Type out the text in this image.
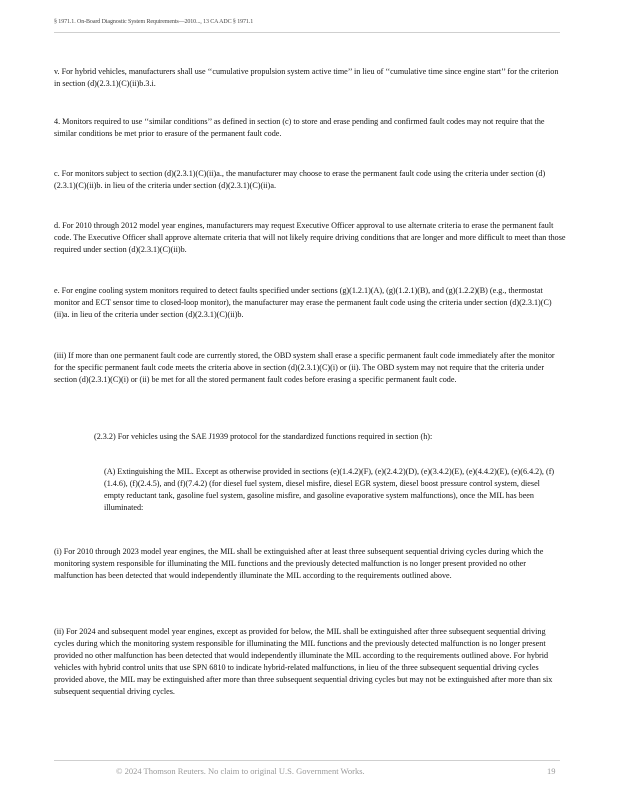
§ 1971.1. On-Board Diagnostic System Requirements—2010..., 13 CA ADC § 1971.1

v. For hybrid vehicles, manufacturers shall use ‘‘cumulative propulsion system active time’’ in lieu of ‘‘cumulative time since engine start’’ for the criterion in section (d)(2.3.1)(C)(ii)b.3.i.

4. Monitors required to use ‘‘similar conditions’’ as defined in section (c) to store and erase pending and confirmed fault codes may not require that the similar conditions be met prior to erasure of the permanent fault code.

c. For monitors subject to section (d)(2.3.1)(C)(ii)a., the manufacturer may choose to erase the permanent fault code using the criteria under section (d)(2.3.1)(C)(ii)b. in lieu of the criteria under section (d)(2.3.1)(C)(ii)a.

d. For 2010 through 2012 model year engines, manufacturers may request Executive Officer approval to use alternate criteria to erase the permanent fault code. The Executive Officer shall approve alternate criteria that will not likely require driving conditions that are longer and more difficult to meet than those required under section (d)(2.3.1)(C)(ii)b.

e. For engine cooling system monitors required to detect faults specified under sections (g)(1.2.1)(A), (g)(1.2.1)(B), and (g)(1.2.2)(B) (e.g., thermostat monitor and ECT sensor time to closed-loop monitor), the manufacturer may erase the permanent fault code using the criteria under section (d)(2.3.1)(C)(ii)a. in lieu of the criteria under section (d)(2.3.1)(C)(ii)b.

(iii) If more than one permanent fault code are currently stored, the OBD system shall erase a specific permanent fault code immediately after the monitor for the specific permanent fault code meets the criteria above in section (d)(2.3.1)(C)(i) or (ii). The OBD system may not require that the criteria under section (d)(2.3.1)(C)(i) or (ii) be met for all the stored permanent fault codes before erasing a specific permanent fault code.

(2.3.2) For vehicles using the SAE J1939 protocol for the standardized functions required in section (h):

(A) Extinguishing the MIL. Except as otherwise provided in sections (e)(1.4.2)(F), (e)(2.4.2)(D), (e)(3.4.2)(E), (e)(4.4.2)(E), (e)(6.4.2), (f)(1.4.6), (f)(2.4.5), and (f)(7.4.2) (for diesel fuel system, diesel misfire, diesel EGR system, diesel boost pressure control system, diesel empty reductant tank, gasoline fuel system, gasoline misfire, and gasoline evaporative system malfunctions), once the MIL has been illuminated:

(i) For 2010 through 2023 model year engines, the MIL shall be extinguished after at least three subsequent sequential driving cycles during which the monitoring system responsible for illuminating the MIL functions and the previously detected malfunction is no longer present provided no other malfunction has been detected that would independently illuminate the MIL according to the requirements outlined above.

(ii) For 2024 and subsequent model year engines, except as provided for below, the MIL shall be extinguished after three subsequent sequential driving cycles during which the monitoring system responsible for illuminating the MIL functions and the previously detected malfunction is no longer present provided no other malfunction has been detected that would independently illuminate the MIL according to the requirements outlined above. For hybrid vehicles with hybrid control units that use SPN 6810 to indicate hybrid-related malfunctions, in lieu of the three subsequent sequential driving cycles provided above, the MIL may be extinguished after more than three subsequent sequential driving cycles but may not be extinguished after more than six subsequent sequential driving cycles.

© 2024 Thomson Reuters. No claim to original U.S. Government Works.	19
